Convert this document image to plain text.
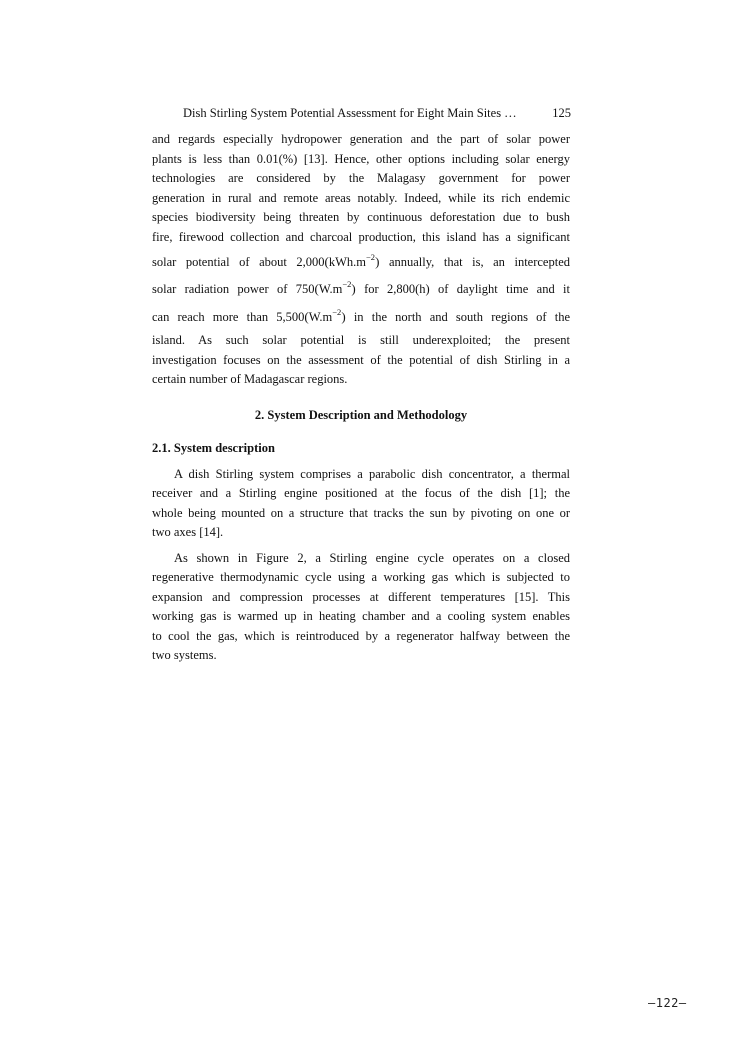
Dish Stirling System Potential Assessment for Eight Main Sites …	125
and regards especially hydropower generation and the part of solar power
plants is less than 0.01(%) [13]. Hence, other options including solar energy
technologies are considered by the Malagasy government for power
generation in rural and remote areas notably. Indeed, while its rich endemic
species biodiversity being threaten by continuous deforestation due to bush
fire, firewood collection and charcoal production, this island has a significant
solar potential of about $2,000(kWh.m^{-2})$ annually, that is, an intercepted
solar radiation power of $750(W.m^{-2})$ for 2,800(h) of daylight time and it
can reach more than $5,500(W.m^{-2})$ in the north and south regions of the
island. As such solar potential is still underexploited; the present
investigation focuses on the assessment of the potential of dish Stirling in a
certain number of Madagascar regions.
2. System Description and Methodology
2.1. System description
A dish Stirling system comprises a parabolic dish concentrator, a thermal
receiver and a Stirling engine positioned at the focus of the dish [1]; the
whole being mounted on a structure that tracks the sun by pivoting on one or
two axes [14].
As shown in Figure 2, a Stirling engine cycle operates on a closed
regenerative thermodynamic cycle using a working gas which is subjected to
expansion and compression processes at different temperatures [15]. This
working gas is warmed up in heating chamber and a cooling system enables
to cool the gas, which is reintroduced by a regenerator halfway between the
two systems.
–122–
